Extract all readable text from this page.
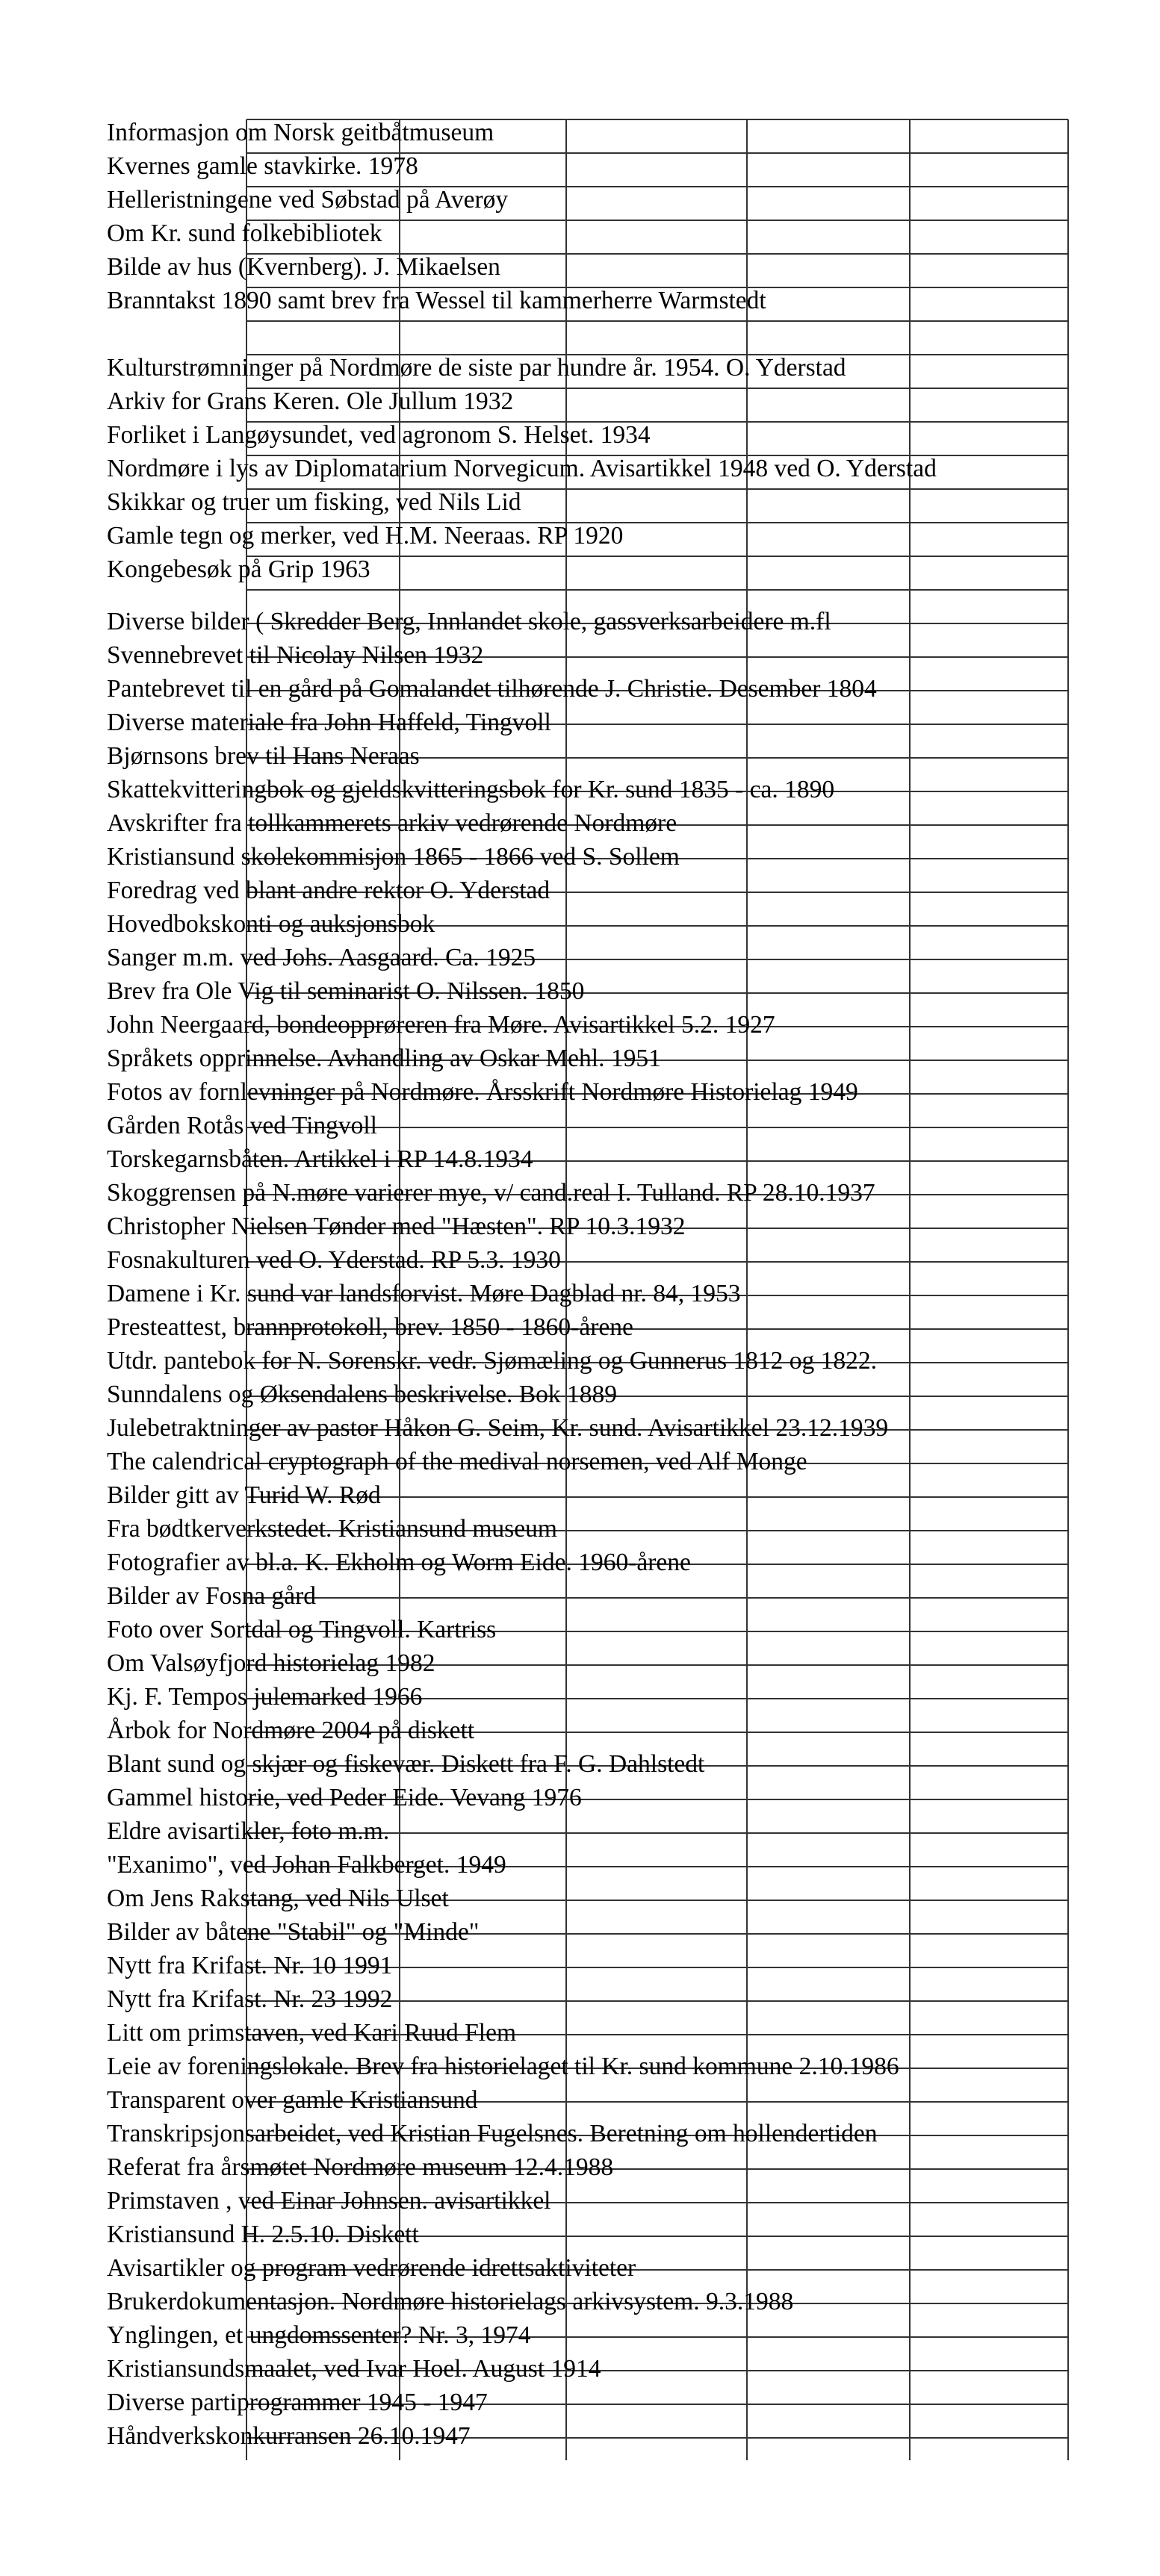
Informasjon om Norsk geitbåtmuseum
Kvernes gamle stavkirke. 1978
Helleristningene ved Søbstad på Averøy
Om Kr. sund folkebibliotek
Bilde av hus (Kvernberg). J. Mikaelsen
Branntakst 1890 samt brev fra Wessel til kammerherre Warmstedt
Kulturstrømninger på Nordmøre de siste par hundre år. 1954. O. Yderstad
Arkiv for Grans Keren. Ole Jullum 1932
Forliket i Langøysundet, ved agronom S. Helset. 1934
Nordmøre i lys av Diplomatarium Norvegicum. Avisartikkel 1948 ved O. Yderstad
Skikkar og truer um fisking, ved Nils Lid
Gamle tegn og merker, ved H.M. Neeraas. RP 1920
Kongebesøk på Grip 1963
Diverse bilder ( Skredder Berg, Innlandet skole, gassverksarbeidere m.fl
Svennebrevet til Nicolay Nilsen 1932
Pantebrevet til en gård på Gomalandet tilhørende J. Christie. Desember 1804
Diverse materiale fra John Haffeld, Tingvoll
Bjørnsons brev til Hans Neraas
Skattekvitteringbok og gjeldskvitteringsbok for Kr. sund 1835 - ca. 1890
Avskrifter fra tollkammerets arkiv vedrørende Nordmøre
Kristiansund skolekommisjon 1865 - 1866 ved S. Sollem
Foredrag ved blant andre rektor O. Yderstad
Hovedbokskonti og auksjonsbok
Sanger m.m. ved Johs. Aasgaard. Ca. 1925
Brev fra Ole Vig til seminarist O. Nilssen. 1850
John Neergaard, bondeopprøreren fra Møre. Avisartikkel 5.2. 1927
Språkets opprinnelse. Avhandling av Oskar Mehl. 1951
Fotos av fornlevninger på Nordmøre. Årsskrift Nordmøre Historielag 1949
Gården Rotås ved Tingvoll
Torskegarnsbåten. Artikkel i RP 14.8.1934
Skoggrensen på N.møre varierer mye, v/ cand.real I. Tulland. RP 28.10.1937
Christopher Nielsen Tønder med "Hæsten". RP 10.3.1932
Fosnakulturen ved O. Yderstad. RP 5.3. 1930
Damene i Kr. sund var landsforvist. Møre Dagblad nr. 84, 1953
Presteattest, brannprotokoll, brev. 1850 - 1860-årene
Utdr. pantebok for N. Sorenskr. vedr. Sjømæling og Gunnerus 1812 og 1822.
Sunndalens og Øksendalens beskrivelse. Bok 1889
Julebetraktninger av pastor Håkon G. Seim, Kr. sund. Avisartikkel 23.12.1939
The calendrical cryptograph of the medival norsemen, ved Alf Monge
Bilder gitt av Turid W. Rød
Fra bødtkerverkstedet. Kristiansund museum
Fotografier av bl.a. K. Ekholm og Worm Eide. 1960-årene
Bilder av Fosna gård
Foto over Sortdal og Tingvoll. Kartriss
Om Valsøyfjord historielag 1982
Kj. F. Tempos julemarked 1966
Årbok for Nordmøre 2004 på diskett
Blant sund og skjær og fiskevær. Diskett fra F. G. Dahlstedt
Gammel historie, ved Peder Eide. Vevang 1976
Eldre avisartikler, foto m.m.
"Exanimo", ved Johan Falkberget. 1949
Om Jens Rakstang, ved Nils Ulset
Bilder av båtene "Stabil" og "Minde"
Nytt fra Krifast. Nr. 10 1991
Nytt fra Krifast. Nr. 23 1992
Litt om primstaven, ved Kari Ruud Flem
Leie av foreningslokale. Brev fra historielaget til Kr. sund kommune 2.10.1986
Transparent over gamle Kristiansund
Transkripsjonsarbeidet, ved Kristian Fugelsnes. Beretning om hollendertiden
Referat fra årsmøtet Nordmøre museum 12.4.1988
Primstaven , ved Einar Johnsen. avisartikkel
Kristiansund H. 2.5.10. Diskett
Avisartikler og program vedrørende idrettsaktiviteter
Brukerdokumentasjon. Nordmøre historielags arkivsystem. 9.3.1988
Ynglingen, et ungdomssenter? Nr. 3, 1974
Kristiansundsmaalet, ved Ivar Hoel. August 1914
Diverse partiprogrammer 1945 - 1947
Håndverkskonkurransen 26.10.1947
